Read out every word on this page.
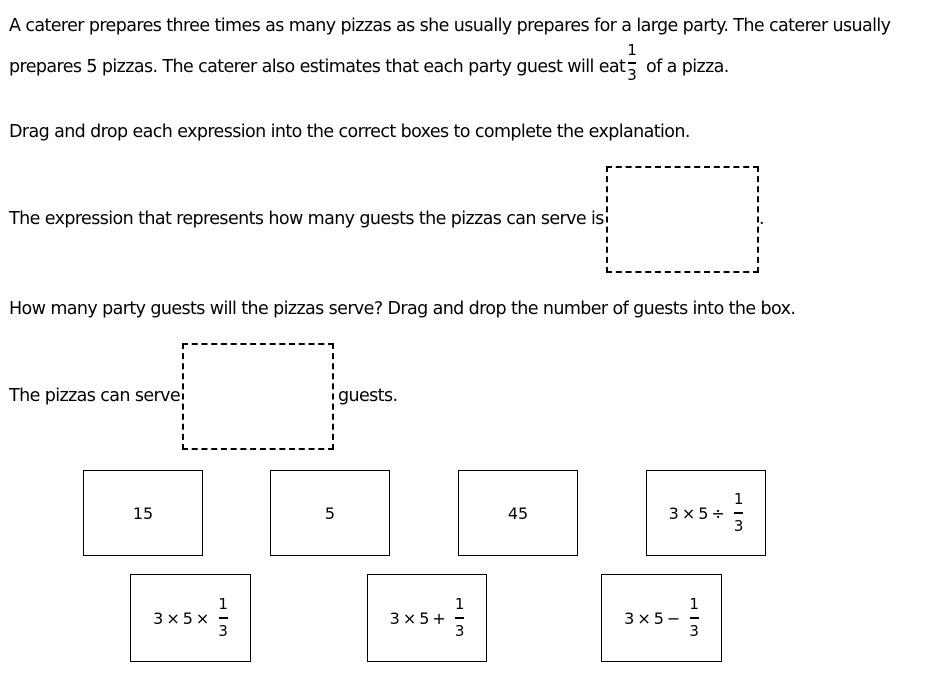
A caterer prepares three times as many pizzas as she usually prepares for a large party. The caterer usually
prepares 5 pizzas. The caterer also estimates that each party guest will eat
1
3 of a pizza.
Drag and drop each expression into the correct boxes to complete the explanation.
The expression that represents how many guests the pizzas can serve is	.
How many party guests will the pizzas serve? Drag and drop the number of guests into the box.
The pizzas can serve	guests.
15	5	45	$3 \times 5 \div \frac{1}{3}$
$3 \times 5 \times \frac{1}{3}$	$3 \times 5 + \frac{1}{3}$	$3 \times 5 - \frac{1}{3}$
